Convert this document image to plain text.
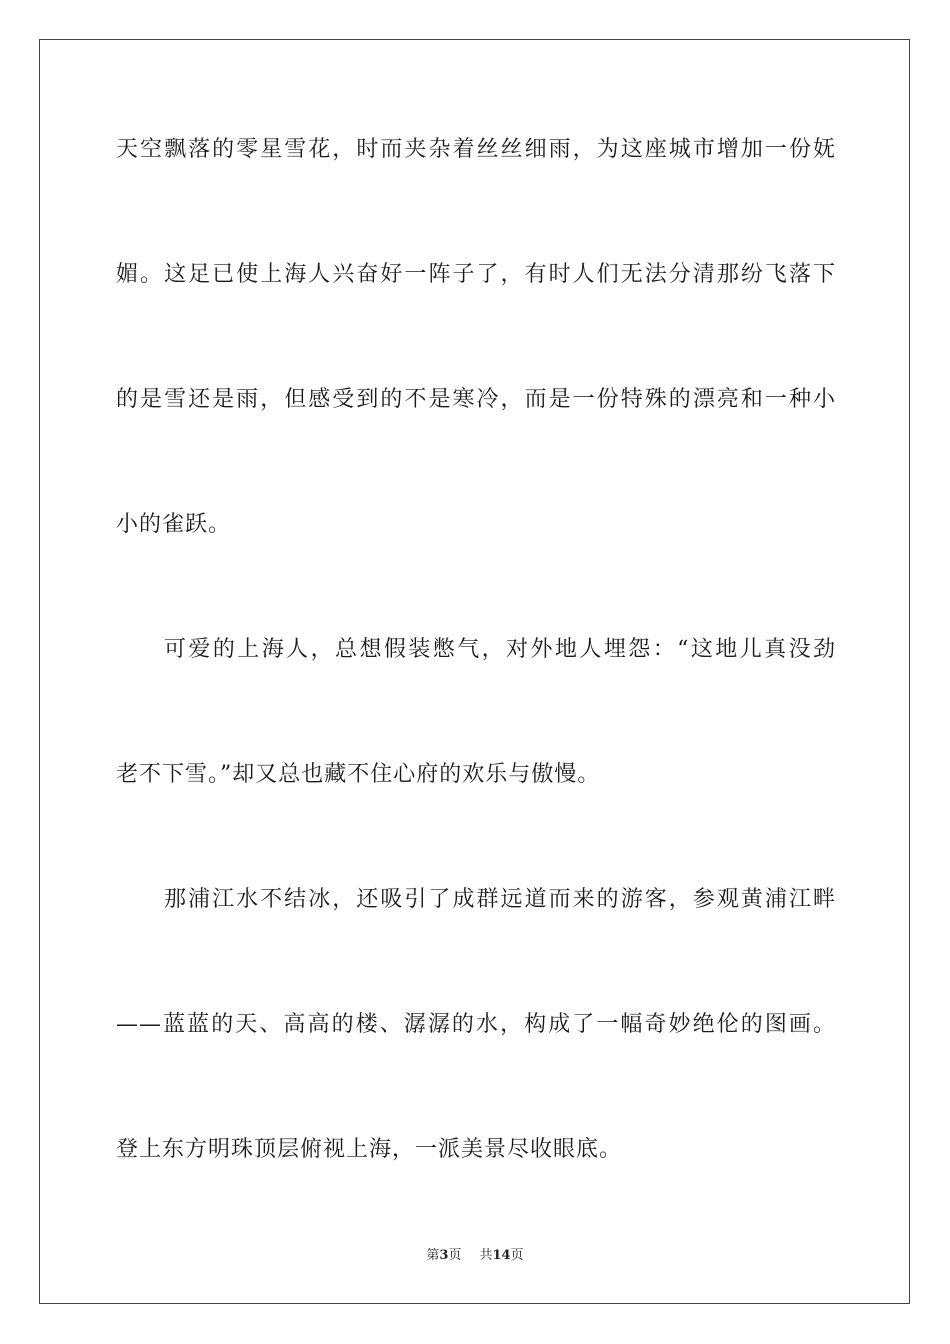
天空飘落的零星雪花，时而夹杂着丝丝细雨，为这座城市增加一份妩
媚。这足已使上海人兴奋好一阵子了，有时人们无法分清那纷飞落下
的是雪还是雨，但感受到的不是寒冷，而是一份特殊的漂亮和一种小
小的雀跃。
可爱的上海人，总想假装憋气，对外地人埋怨：“这地儿真没劲
老不下雪。”却又总也藏不住心府的欢乐与傲慢。
那浦江水不结冰，还吸引了成群远道而来的游客，参观黄浦江畔
——蓝蓝的天、高高的楼、潺潺的水，构成了一幅奇妙绝伦的图画。
登上东方明珠顶层俯视上海，一派美景尽收眼底。
第3页 共14页
